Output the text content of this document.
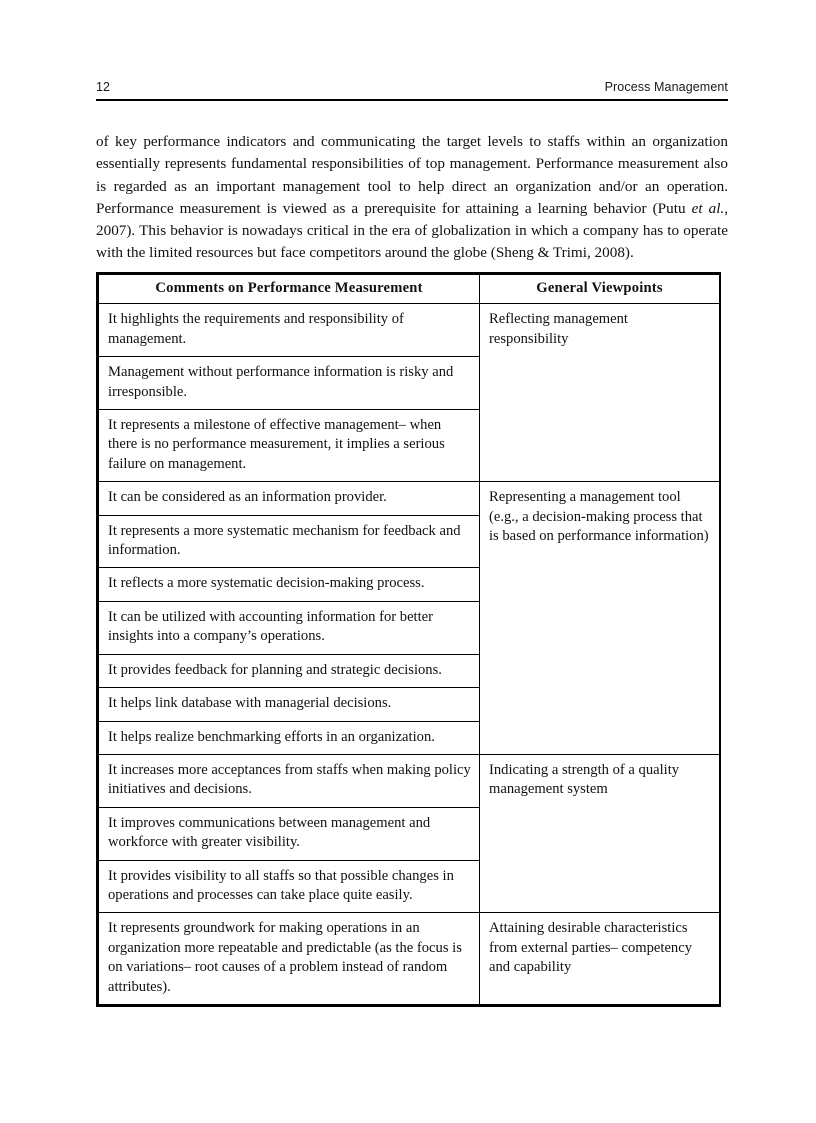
12	Process Management

of key performance indicators and communicating the target levels to staffs within an organization essentially represents fundamental responsibilities of top management. Performance measurement also is regarded as an important management tool to help direct an organization and/or an operation. Performance measurement is viewed as a prerequisite for attaining a learning behavior (Putu et al., 2007). This behavior is nowadays critical in the era of globalization in which a company has to operate with the limited resources but face competitors around the globe (Sheng & Trimi, 2008).

Comments on Performance Measurement	General Viewpoints
It highlights the requirements and responsibility of management.	Reflecting management responsibility
Management without performance information is risky and irresponsible.	
It represents a milestone of effective management– when there is no performance measurement, it implies a serious failure on management.	
It can be considered as an information provider.	Representing a management tool (e.g., a decision-making process that is based on performance information)
It represents a more systematic mechanism for feedback and information.	
It reflects a more systematic decision-making process.	
It can be utilized with accounting information for better insights into a company’s operations.	
It provides feedback for planning and strategic decisions.	
It helps link database with managerial decisions.	
It helps realize benchmarking efforts in an organization.	
It increases more acceptances from staffs when making policy initiatives and decisions.	Indicating a strength of a quality management system
It improves communications between management and workforce with greater visibility.	
It provides visibility to all staffs so that possible changes in operations and processes can take place quite easily.	
It represents groundwork for making operations in an organization more repeatable and predictable (as the focus is on variations– root causes of a problem instead of random attributes).	Attaining desirable characteristics from external parties– competency and capability
